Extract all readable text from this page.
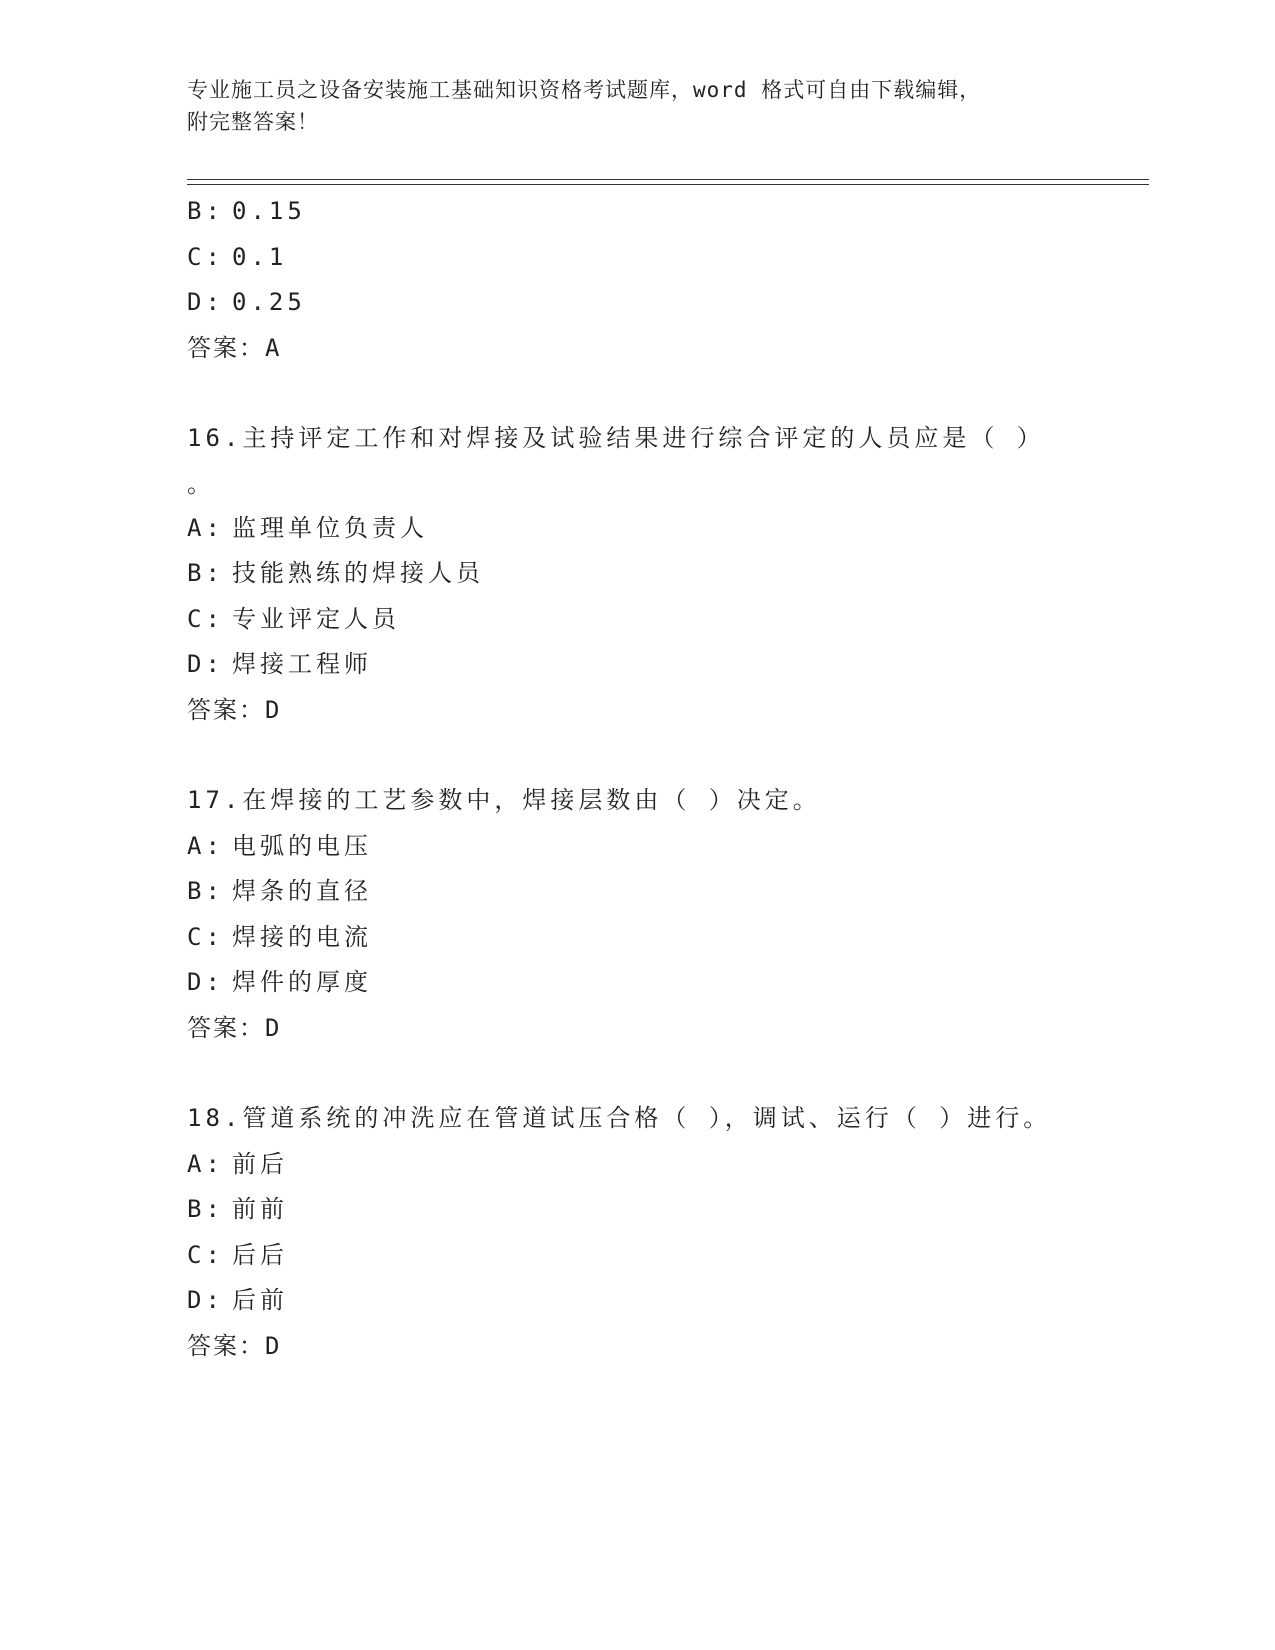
专业施工员之设备安装施工基础知识资格考试题库，word 格式可自由下载编辑，
附完整答案！
B: 0.15
C: 0.1
D: 0.25
答案：A
16.主持评定工作和对焊接及试验结果进行综合评定的人员应是（ ）
。
A: 监理单位负责人
B: 技能熟练的焊接人员
C: 专业评定人员
D: 焊接工程师
答案：D
17.在焊接的工艺参数中，焊接层数由（ ）决定。
A: 电弧的电压
B: 焊条的直径
C: 焊接的电流
D: 焊件的厚度
答案：D
18.管道系统的冲洗应在管道试压合格（ ），调试、运行（ ）进行。
A: 前后
B: 前前
C: 后后
D: 后前
答案：D
